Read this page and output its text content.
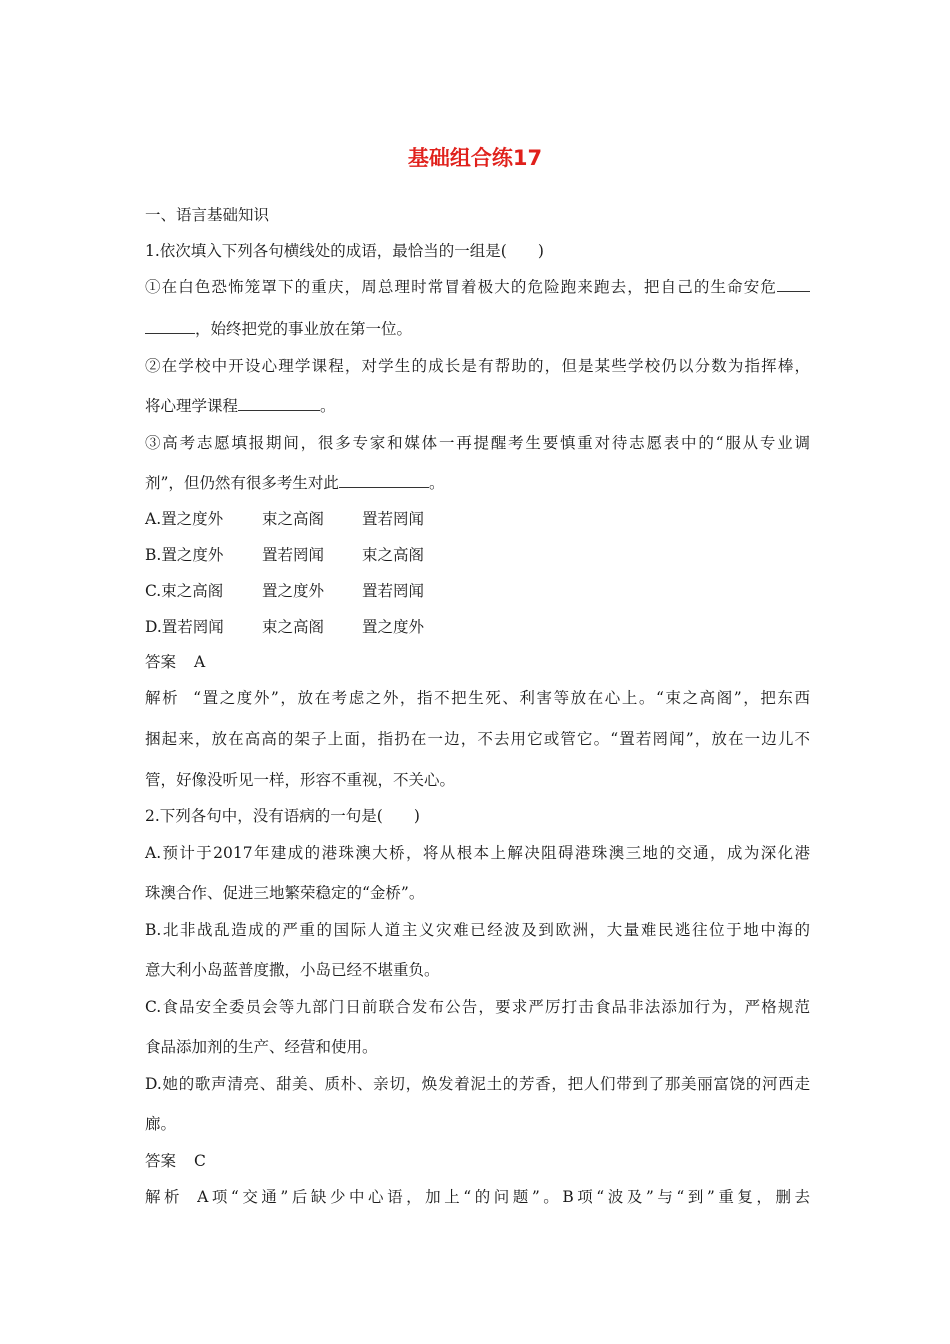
基础组合练17
一、语言基础知识
1.依次填入下列各句横线处的成语，最恰当的一组是(　　)
①在白色恐怖笼罩下的重庆，周总理时常冒着极大的危险跑来跑去，把自己的生命安危
，始终把党的事业放在第一位。
②在学校中开设心理学课程，对学生的成长是有帮助的，但是某些学校仍以分数为指挥棒，
将心理学课程	。
③高考志愿填报期间，很多专家和媒体一再提醒考生要慎重对待志愿表中的“服从专业调
剂”，但仍然有很多考生对此	。
A.置之度外	束之高阁 置若罔闻
B.置之度外 置若罔闻 束之高阁
C.束之高阁	置之度外 置若罔闻
D.置若罔闻 束之高阁 置之度外
答案 A
解析 “置之度外”，放在考虑之外，指不把生死、利害等放在心上。“束之高阁”，把东西
捆起来，放在高高的架子上面，指扔在一边，不去用它或管它。“置若罔闻”，放在一边儿不
管，好像没听见一样，形容不重视，不关心。
2.下列各句中，没有语病的一句是(　　)
A.预计于2017年建成的港珠澳大桥，将从根本上解决阻碍港珠澳三地的交通，成为深化港
珠澳合作、促进三地繁荣稳定的“金桥”。
B.北非战乱造成的严重的国际人道主义灾难已经波及到欧洲，大量难民逃往位于地中海的
意大利小岛蓝普度撒，小岛已经不堪重负。
C.食品安全委员会等九部门日前联合发布公告，要求严厉打击食品非法添加行为，严格规范
食品添加剂的生产、经营和使用。
D.她的歌声清亮、甜美、质朴、亲切，焕发着泥土的芳香，把人们带到了那美丽富饶的河西走
廊。
答案 C
解析 A项“交通”后缺少中心语，加上“的问题”。B项“波及”与“到”重复，删去
